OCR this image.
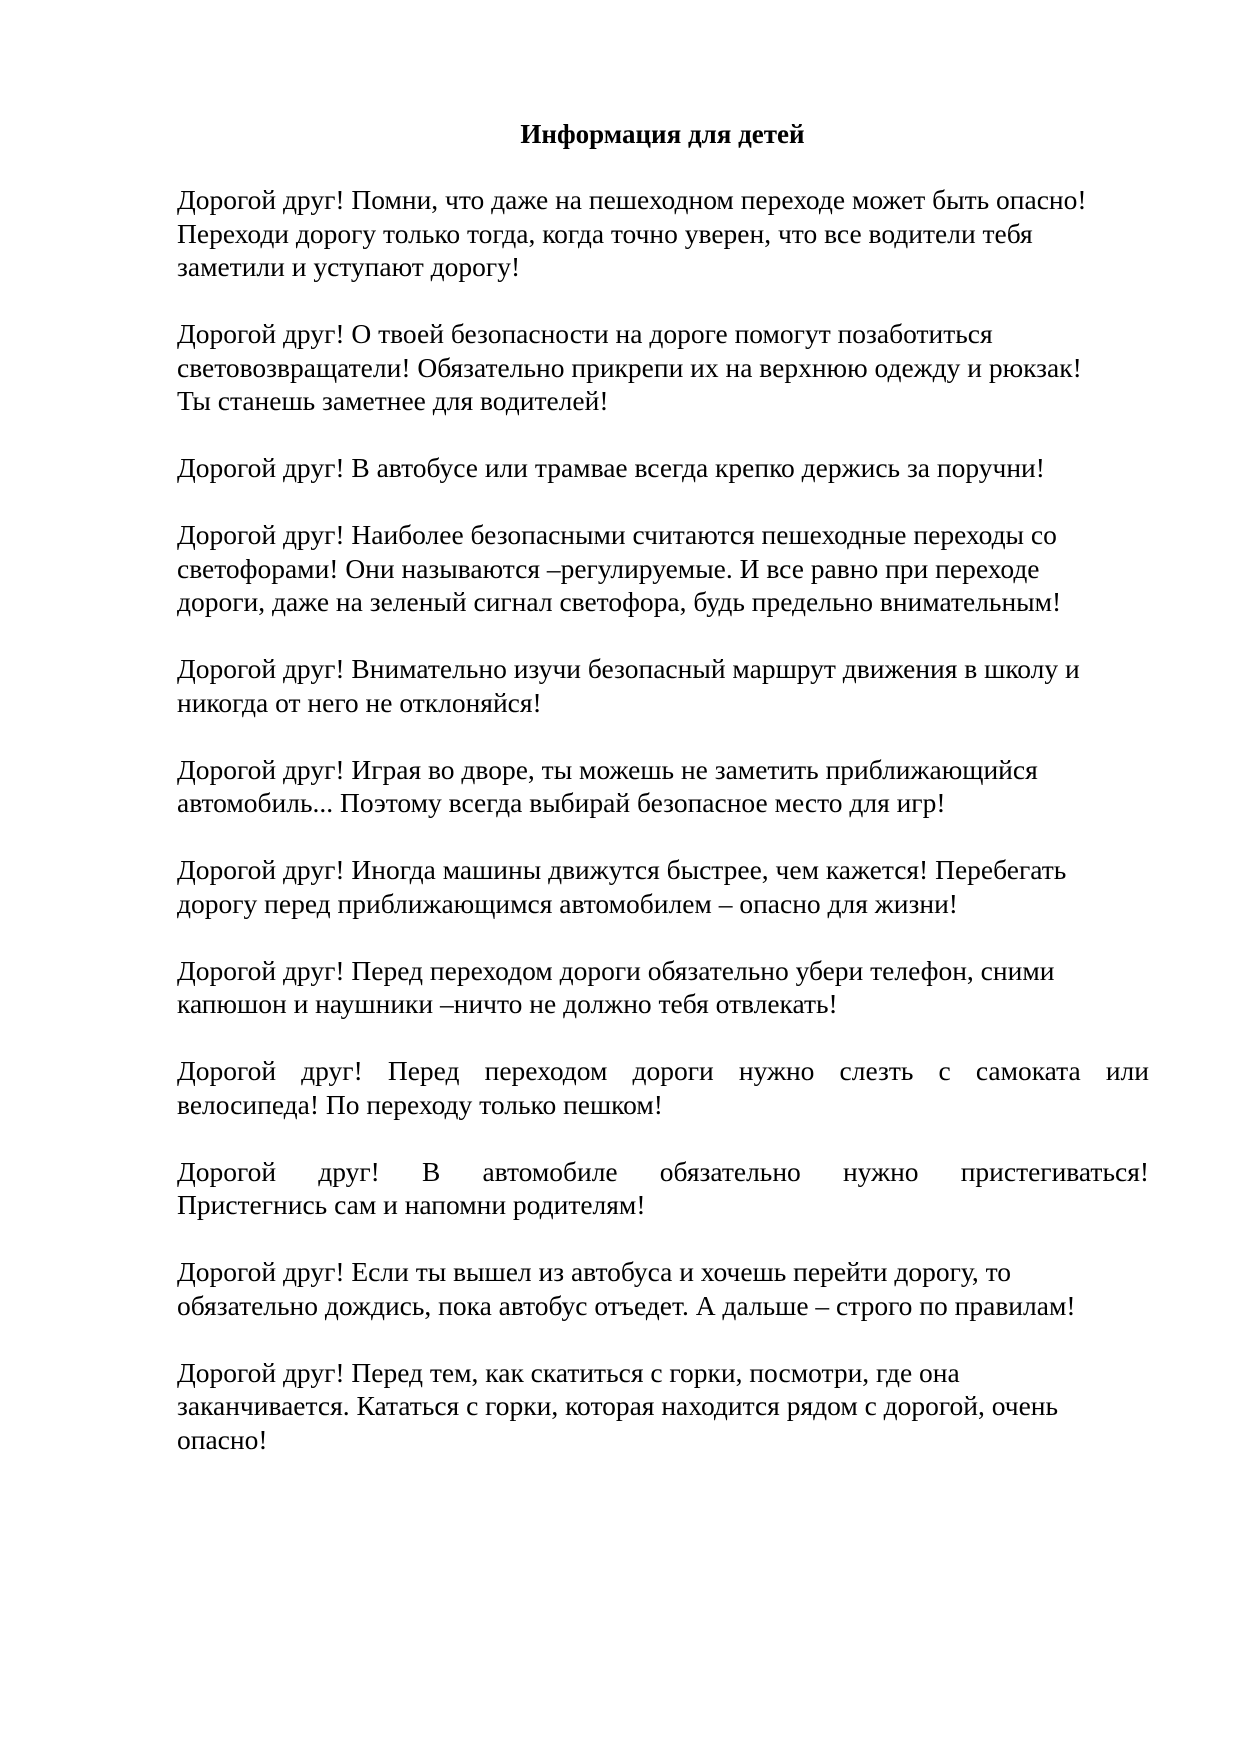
Информация для детей

Дорогой друг! Помни, что даже на пешеходном переходе может быть опасно!
Переходи дорогу только тогда, когда точно уверен, что все водители тебя
заметили и уступают дорогу!

Дорогой друг! О твоей безопасности на дороге помогут позаботиться
световозвращатели! Обязательно прикрепи их на верхнюю одежду и рюкзак!
Ты станешь заметнее для водителей!

Дорогой друг! В автобусе или трамвае всегда крепко держись за поручни!

Дорогой друг! Наиболее безопасными считаются пешеходные переходы со
светофорами! Они называются –регулируемые. И все равно при переходе
дороги, даже на зеленый сигнал светофора, будь предельно внимательным!

Дорогой друг! Внимательно изучи безопасный маршрут движения в школу и
никогда от него не отклоняйся!

Дорогой друг! Играя во дворе, ты можешь не заметить приближающийся
автомобиль... Поэтому всегда выбирай безопасное место для игр!

Дорогой друг! Иногда машины движутся быстрее, чем кажется! Перебегать
дорогу перед приближающимся автомобилем – опасно для жизни!

Дорогой друг! Перед переходом дороги обязательно убери телефон, сними
капюшон и наушники –ничто не должно тебя отвлекать!

Дорогой друг! Перед переходом дороги нужно слезть с самоката или
велосипеда! По переходу только пешком!

Дорогой друг! В автомобиле обязательно нужно пристегиваться!
Пристегнись сам и напомни родителям!

Дорогой друг! Если ты вышел из автобуса и хочешь перейти дорогу, то
обязательно дождись, пока автобус отъедет. А дальше – строго по правилам!

Дорогой друг! Перед тем, как скатиться с горки, посмотри, где она
заканчивается. Кататься с горки, которая находится рядом с дорогой, очень
опасно!
